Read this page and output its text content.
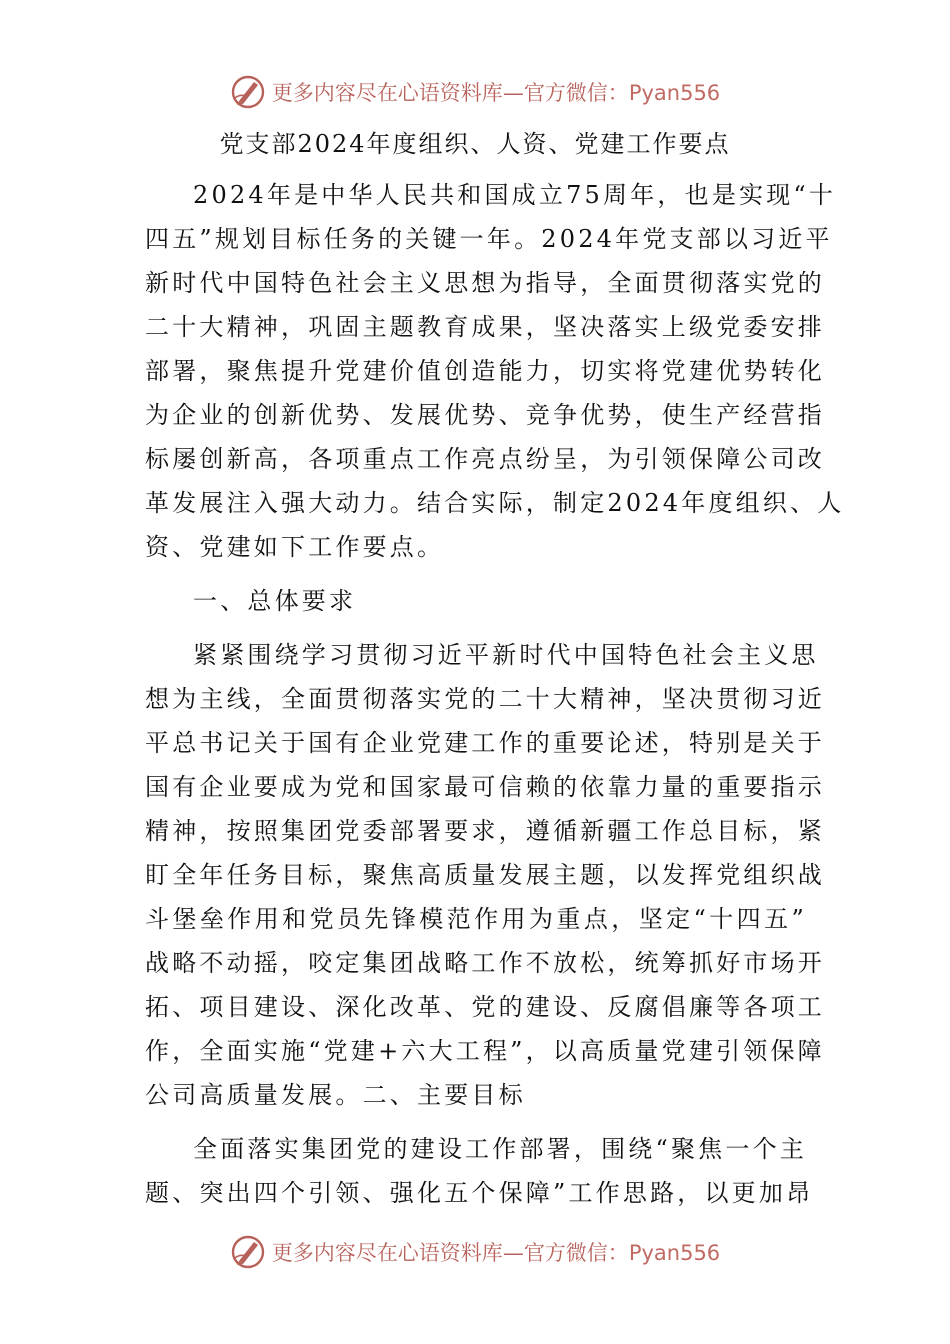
更多内容尽在心语资料库—官方微信：Pyan556
党支部2024年度组织、人资、党建工作要点

2024年是中华人民共和国成立75周年，也是实现“十
四五”规划目标任务的关键一年。2024年党支部以习近平
新时代中国特色社会主义思想为指导，全面贯彻落实党的
二十大精神，巩固主题教育成果，坚决落实上级党委安排
部署，聚焦提升党建价值创造能力，切实将党建优势转化
为企业的创新优势、发展优势、竞争优势，使生产经营指
标屡创新高，各项重点工作亮点纷呈，为引领保障公司改
革发展注入强大动力。结合实际，制定2024年度组织、人
资、党建如下工作要点。

一、总体要求

紧紧围绕学习贯彻习近平新时代中国特色社会主义思
想为主线，全面贯彻落实党的二十大精神，坚决贯彻习近
平总书记关于国有企业党建工作的重要论述，特别是关于
国有企业要成为党和国家最可信赖的依靠力量的重要指示
精神，按照集团党委部署要求，遵循新疆工作总目标，紧
盯全年任务目标，聚焦高质量发展主题，以发挥党组织战
斗堡垒作用和党员先锋模范作用为重点，坚定“十四五”
战略不动摇，咬定集团战略工作不放松，统筹抓好市场开
拓、项目建设、深化改革、党的建设、反腐倡廉等各项工
作，全面实施“党建+六大工程”，以高质量党建引领保障
公司高质量发展。二、主要目标

全面落实集团党的建设工作部署，围绕“聚焦一个主
题、突出四个引领、强化五个保障”工作思路，以更加昂

更多内容尽在心语资料库—官方微信：Pyan556
